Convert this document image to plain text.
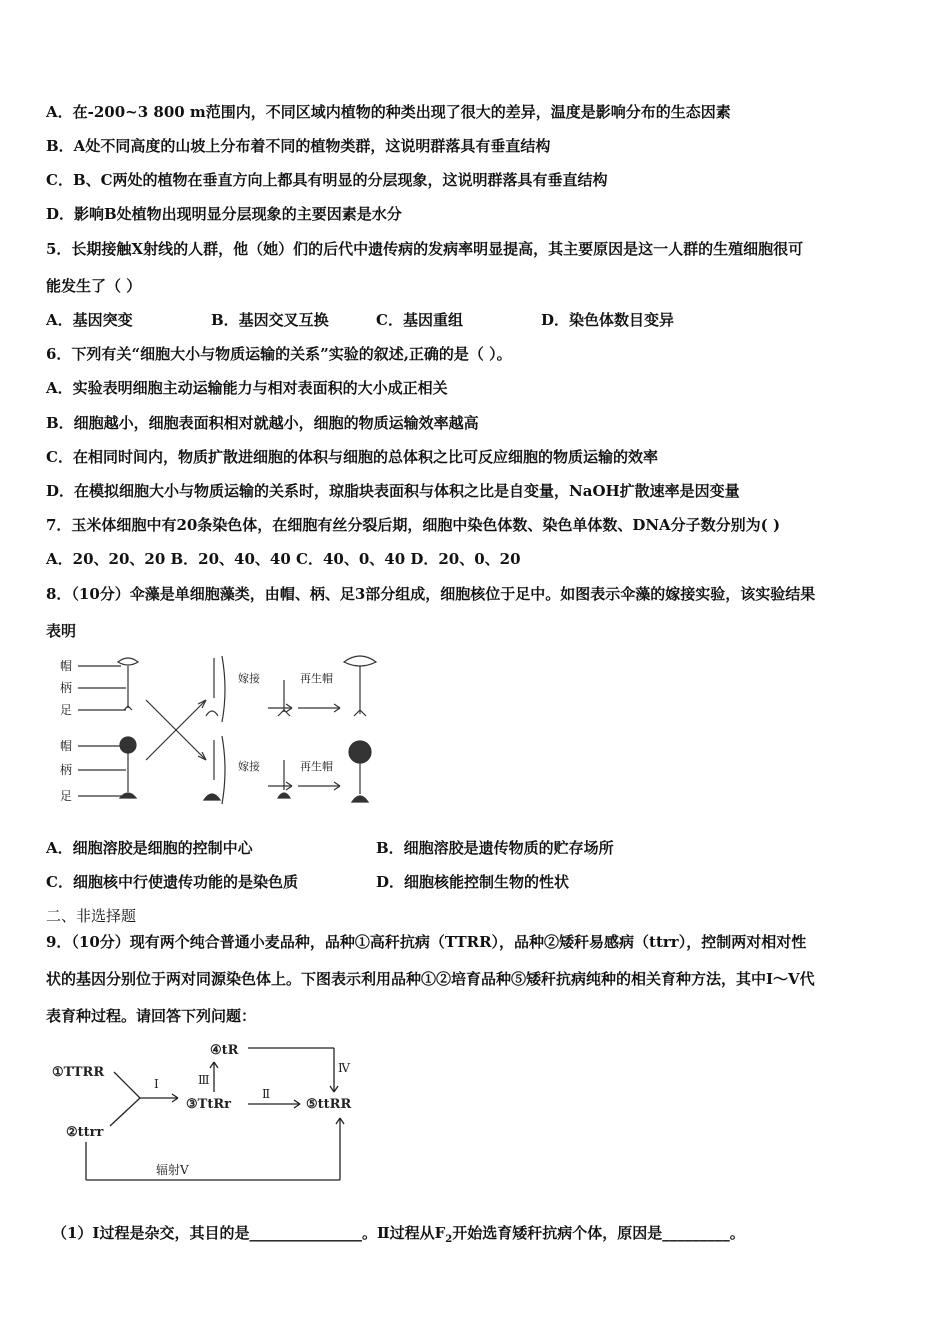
A．在-200~3 800 m范围内，不同区域内植物的种类出现了很大的差异，温度是影响分布的生态因素
B．A处不同高度的山坡上分布着不同的植物类群，这说明群落具有垂直结构
C．B、C两处的植物在垂直方向上都具有明显的分层现象，这说明群落具有垂直结构
D．影响B处植物出现明显分层现象的主要因素是水分
5．长期接触X射线的人群，他（她）们的后代中遗传病的发病率明显提高，其主要原因是这一人群的生殖细胞很可
能发生了（ ）
A．基因突变	B．基因交叉互换	C．基因重组	D．染色体数目变异
6．下列有关“细胞大小与物质运输的关系”实验的叙述,正确的是（ ）。
A．实验表明细胞主动运输能力与相对表面积的大小成正相关
B．细胞越小，细胞表面积相对就越小，细胞的物质运输效率越高
C．在相同时间内，物质扩散进细胞的体积与细胞的总体积之比可反应细胞的物质运输的效率
D．在模拟细胞大小与物质运输的关系时，琼脂块表面积与体积之比是自变量，NaOH扩散速率是因变量
7．玉米体细胞中有20条染色体，在细胞有丝分裂后期，细胞中染色体数、染色单体数、DNA分子数分别为( )
A．20、20、20 B．20、40、40 C．40、0、40 D．20、0、20
8．（10分）伞藻是单细胞藻类，由帽、柄、足3部分组成，细胞核位于足中。如图表示伞藻的嫁接实验，该实验结果
表明
帽
柄
足
帽
柄
足
嫁接	再生帽
嫁接	再生帽
A．细胞溶胶是细胞的控制中心	B．细胞溶胶是遗传物质的贮存场所
C．细胞核中行使遗传功能的是染色质	D．细胞核能控制生物的性状
二、非选择题
9．（10分）现有两个纯合普通小麦品种，品种①高秆抗病（TTRR），品种②矮秆易感病（ttrr），控制两对相对性
状的基因分别位于两对同源染色体上。下图表示利用品种①②培育品种⑤矮秆抗病纯种的相关育种方法，其中Ⅰ～Ⅴ代
表育种过程。请回答下列问题：
①TTRR
②ttrr
③TtRr
④tR
⑤ttRR
Ⅰ
Ⅱ
Ⅲ
Ⅳ
辐射Ⅴ
（1）Ⅰ过程是杂交，其目的是_______________。Ⅱ过程从$F_2$开始选育矮秆抗病个体，原因是_________。
